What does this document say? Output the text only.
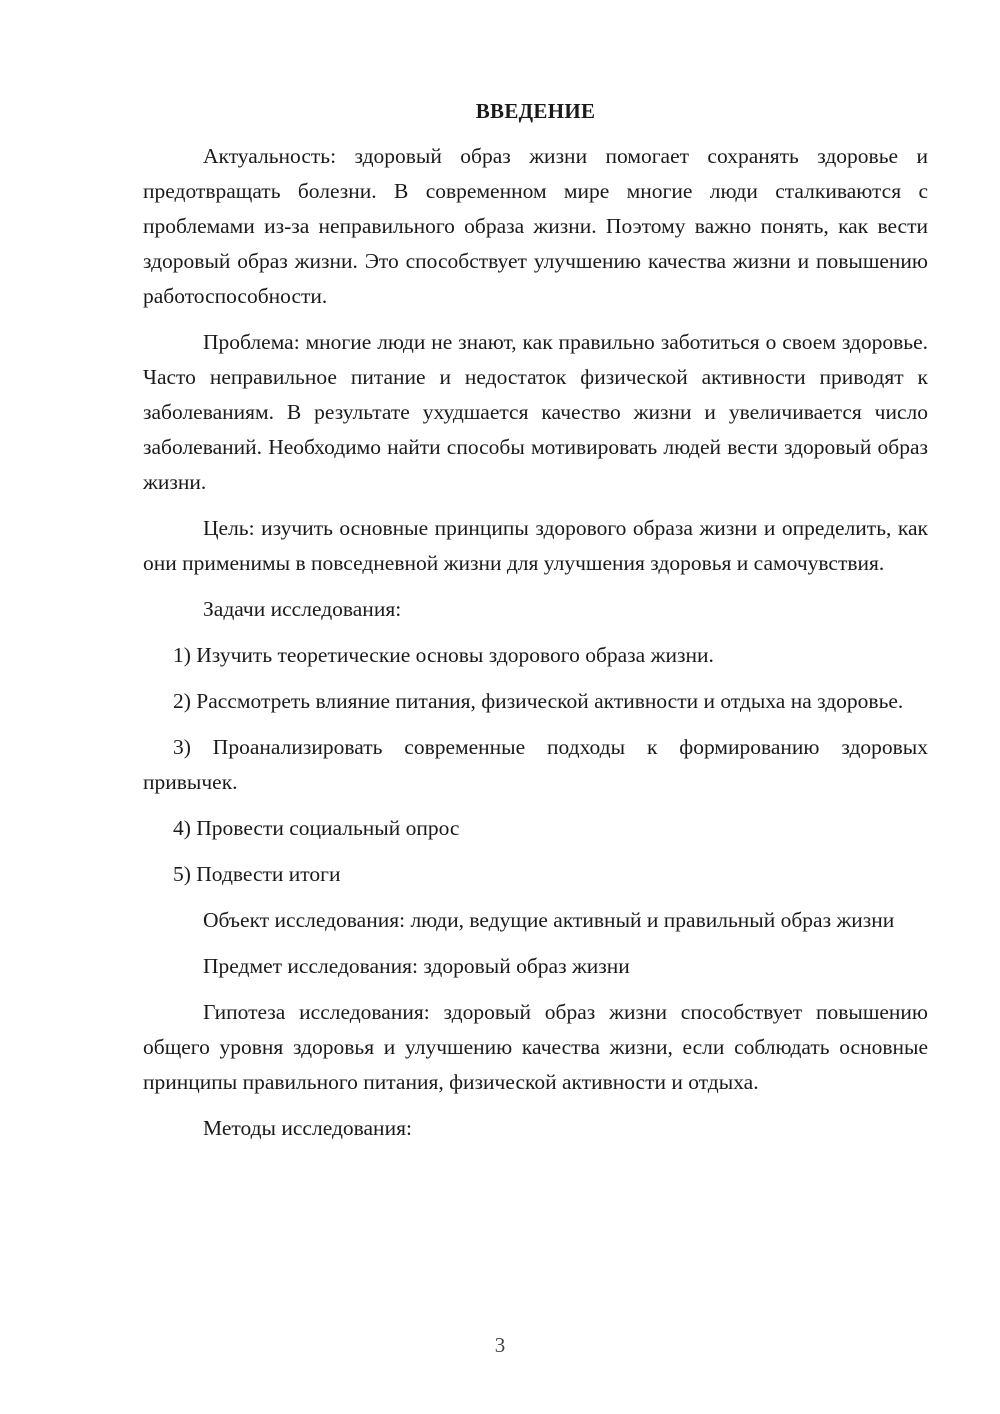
ВВЕДЕНИЕ

Актуальность: здоровый образ жизни помогает сохранять здоровье и предотвращать болезни. В современном мире многие люди сталкиваются с проблемами из-за неправильного образа жизни. Поэтому важно понять, как вести здоровый образ жизни. Это способствует улучшению качества жизни и повышению работоспособности.

Проблема: многие люди не знают, как правильно заботиться о своем здоровье. Часто неправильное питание и недостаток физической активности приводят к заболеваниям. В результате ухудшается качество жизни и увеличивается число заболеваний. Необходимо найти способы мотивировать людей вести здоровый образ жизни.

Цель: изучить основные принципы здорового образа жизни и определить, как они применимы в повседневной жизни для улучшения здоровья и самочувствия.

Задачи исследования:

1) Изучить теоретические основы здорового образа жизни.

2) Рассмотреть влияние питания, физической активности и отдыха на здоровье.

3) Проанализировать современные подходы к формированию здоровых привычек.

4) Провести социальный опрос

5) Подвести итоги

Объект исследования: люди, ведущие активный и правильный образ жизни

Предмет исследования: здоровый образ жизни

Гипотеза исследования: здоровый образ жизни способствует повышению общего уровня здоровья и улучшению качества жизни, если соблюдать основные принципы правильного питания, физической активности и отдыха.

Методы исследования:

3
